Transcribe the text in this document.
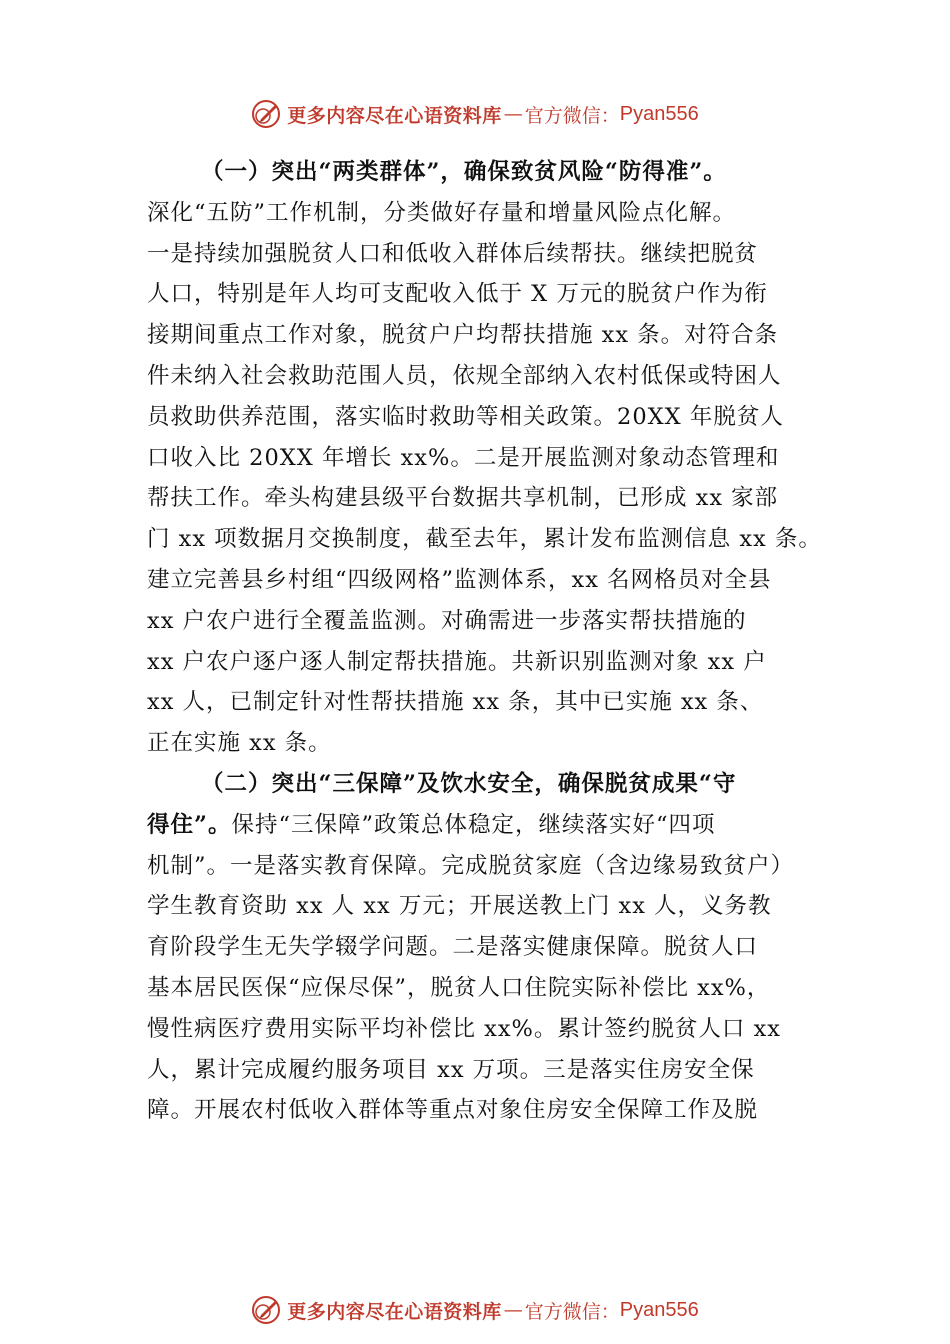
更多内容尽在心语资料库 — 官方微信： Pyan556
（一）突出“两类群体”，确保致贫风险“防得准”。
深化“五防”工作机制，分类做好存量和增量风险点化解。
一是持续加强脱贫人口和低收入群体后续帮扶。继续把脱贫
人口，特别是年人均可支配收入低于 X 万元的脱贫户作为衔
接期间重点工作对象，脱贫户户均帮扶措施 xx 条。对符合条
件未纳入社会救助范围人员，依规全部纳入农村低保或特困人
员救助供养范围，落实临时救助等相关政策。20XX 年脱贫人
口收入比 20XX 年增长 xx%。二是开展监测对象动态管理和
帮扶工作。牵头构建县级平台数据共享机制，已形成 xx 家部
门 xx 项数据月交换制度，截至去年，累计发布监测信息 xx 条。
建立完善县乡村组“四级网格”监测体系，xx 名网格员对全县
xx 户农户进行全覆盖监测。对确需进一步落实帮扶措施的
xx 户农户逐户逐人制定帮扶措施。共新识别监测对象 xx 户
xx 人，已制定针对性帮扶措施 xx 条，其中已实施 xx 条、
正在实施 xx 条。
（二）突出“三保障”及饮水安全，确保脱贫成果“守
得住”。保持“三保障”政策总体稳定，继续落实好“四项
机制”。一是落实教育保障。完成脱贫家庭（含边缘易致贫户）
学生教育资助 xx 人 xx 万元；开展送教上门 xx 人，义务教
育阶段学生无失学辍学问题。二是落实健康保障。脱贫人口
基本居民医保“应保尽保”，脱贫人口住院实际补偿比 xx%，
慢性病医疗费用实际平均补偿比 xx%。累计签约脱贫人口 xx
人，累计完成履约服务项目 xx 万项。三是落实住房安全保
障。开展农村低收入群体等重点对象住房安全保障工作及脱
更多内容尽在心语资料库 — 官方微信： Pyan556
